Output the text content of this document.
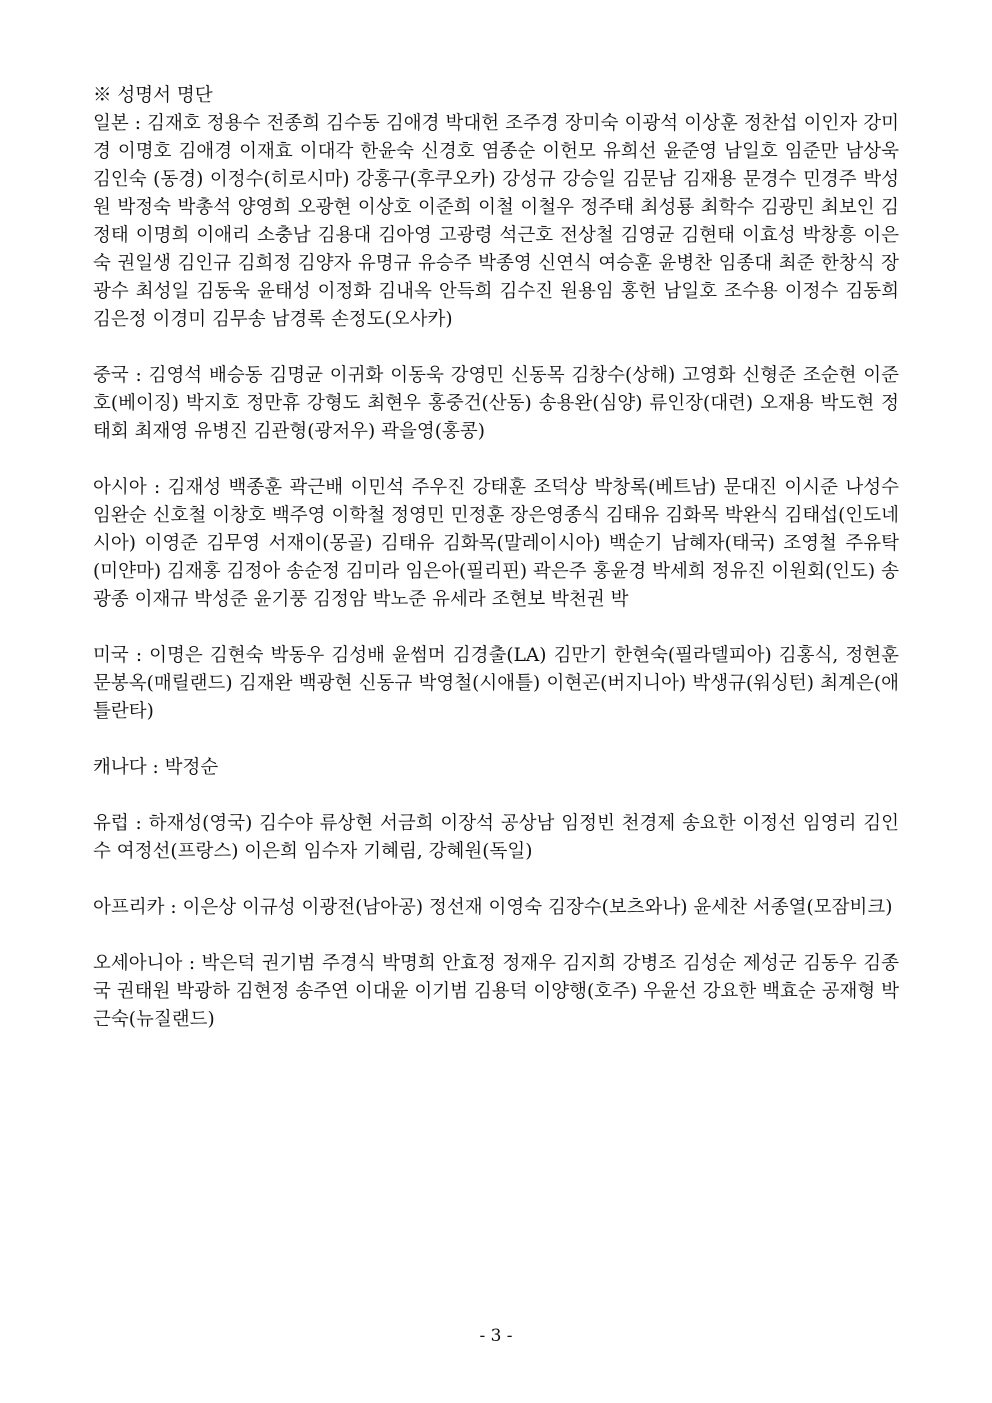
※ 성명서 명단

일본 : 김재호 정용수 전종희 김수동 김애경 박대헌 조주경 장미숙 이광석 이상훈 정찬섭 이인자 강미경 이명호 김애경 이재효 이대각 한윤숙 신경호 염종순 이헌모 유희선 윤준영 남일호 임준만 남상욱 김인숙 (동경) 이정수(히로시마) 강홍구(후쿠오카) 강성규 강승일 김문남 김재용 문경수 민경주 박성원 박정숙 박총석 양영희 오광현 이상호 이준희 이철 이철우 정주태 최성룡 최학수 김광민 최보인 김정태 이명희 이애리 소충남 김용대 김아영 고광령 석근호 전상철 김영균 김현태 이효성 박창흥 이은숙 권일생 김인규 김희정 김양자 유명규 유승주 박종영 신연식 여승훈 윤병찬 임종대 최준 한창식 장광수 최성일 김동욱 윤태성 이정화 김내옥 안득희 김수진 원용임 홍헌 남일호 조수용 이정수 김동희 김은정 이경미 김무송 남경록 손정도(오사카)

중국 : 김영석 배승동 김명균 이귀화 이동욱 강영민 신동목 김창수(상해) 고영화 신형준 조순현 이준호(베이징) 박지호 정만휴 강형도 최현우 홍중건(산동) 송용완(심양) 류인장(대련) 오재용 박도현 정태회 최재영 유병진 김관형(광저우) 곽을영(홍콩)

아시아 : 김재성 백종훈 곽근배 이민석 주우진 강태훈 조덕상 박창록(베트남) 문대진 이시준 나성수 임완순 신호철 이창호 백주영 이학철 정영민 민정훈 장은영종식 김태유 김화목 박완식 김태섭(인도네시아) 이영준 김무영 서재이(몽골) 김태유 김화목(말레이시아) 백순기 남혜자(태국) 조영철 주유탁(미얀마) 김재홍 김정아 송순정 김미라 임은아(필리핀) 곽은주 홍윤경 박세희 정유진 이원회(인도) 송광종 이재규 박성준 윤기풍 김정암 박노준 유세라 조현보 박천권 박

미국 : 이명은 김현숙 박동우 김성배 윤썸머 김경출(LA) 김만기 한현숙(필라델피아) 김홍식, 정현훈 문봉옥(매릴랜드) 김재완 백광현 신동규 박영철(시애틀) 이현곤(버지니아) 박생규(워싱턴) 최계은(애틀란타)

캐나다 : 박정순

유럽 : 하재성(영국) 김수야 류상현 서금희 이장석 공상남 임정빈 천경제 송요한 이정선 임영리 김인수 여정선(프랑스) 이은희 임수자 기혜림, 강혜원(독일)

아프리카 : 이은상 이규성 이광전(남아공) 정선재 이영숙 김장수(보츠와나) 윤세찬 서종열(모잠비크)

오세아니아 : 박은덕 권기범 주경식 박명희 안효정 정재우 김지희 강병조 김성순 제성군 김동우 김종국 권태원 박광하 김현정 송주연 이대윤 이기범 김용덕 이양행(호주) 우윤선 강요한 백효순 공재형 박근숙(뉴질랜드)

- 3 -
